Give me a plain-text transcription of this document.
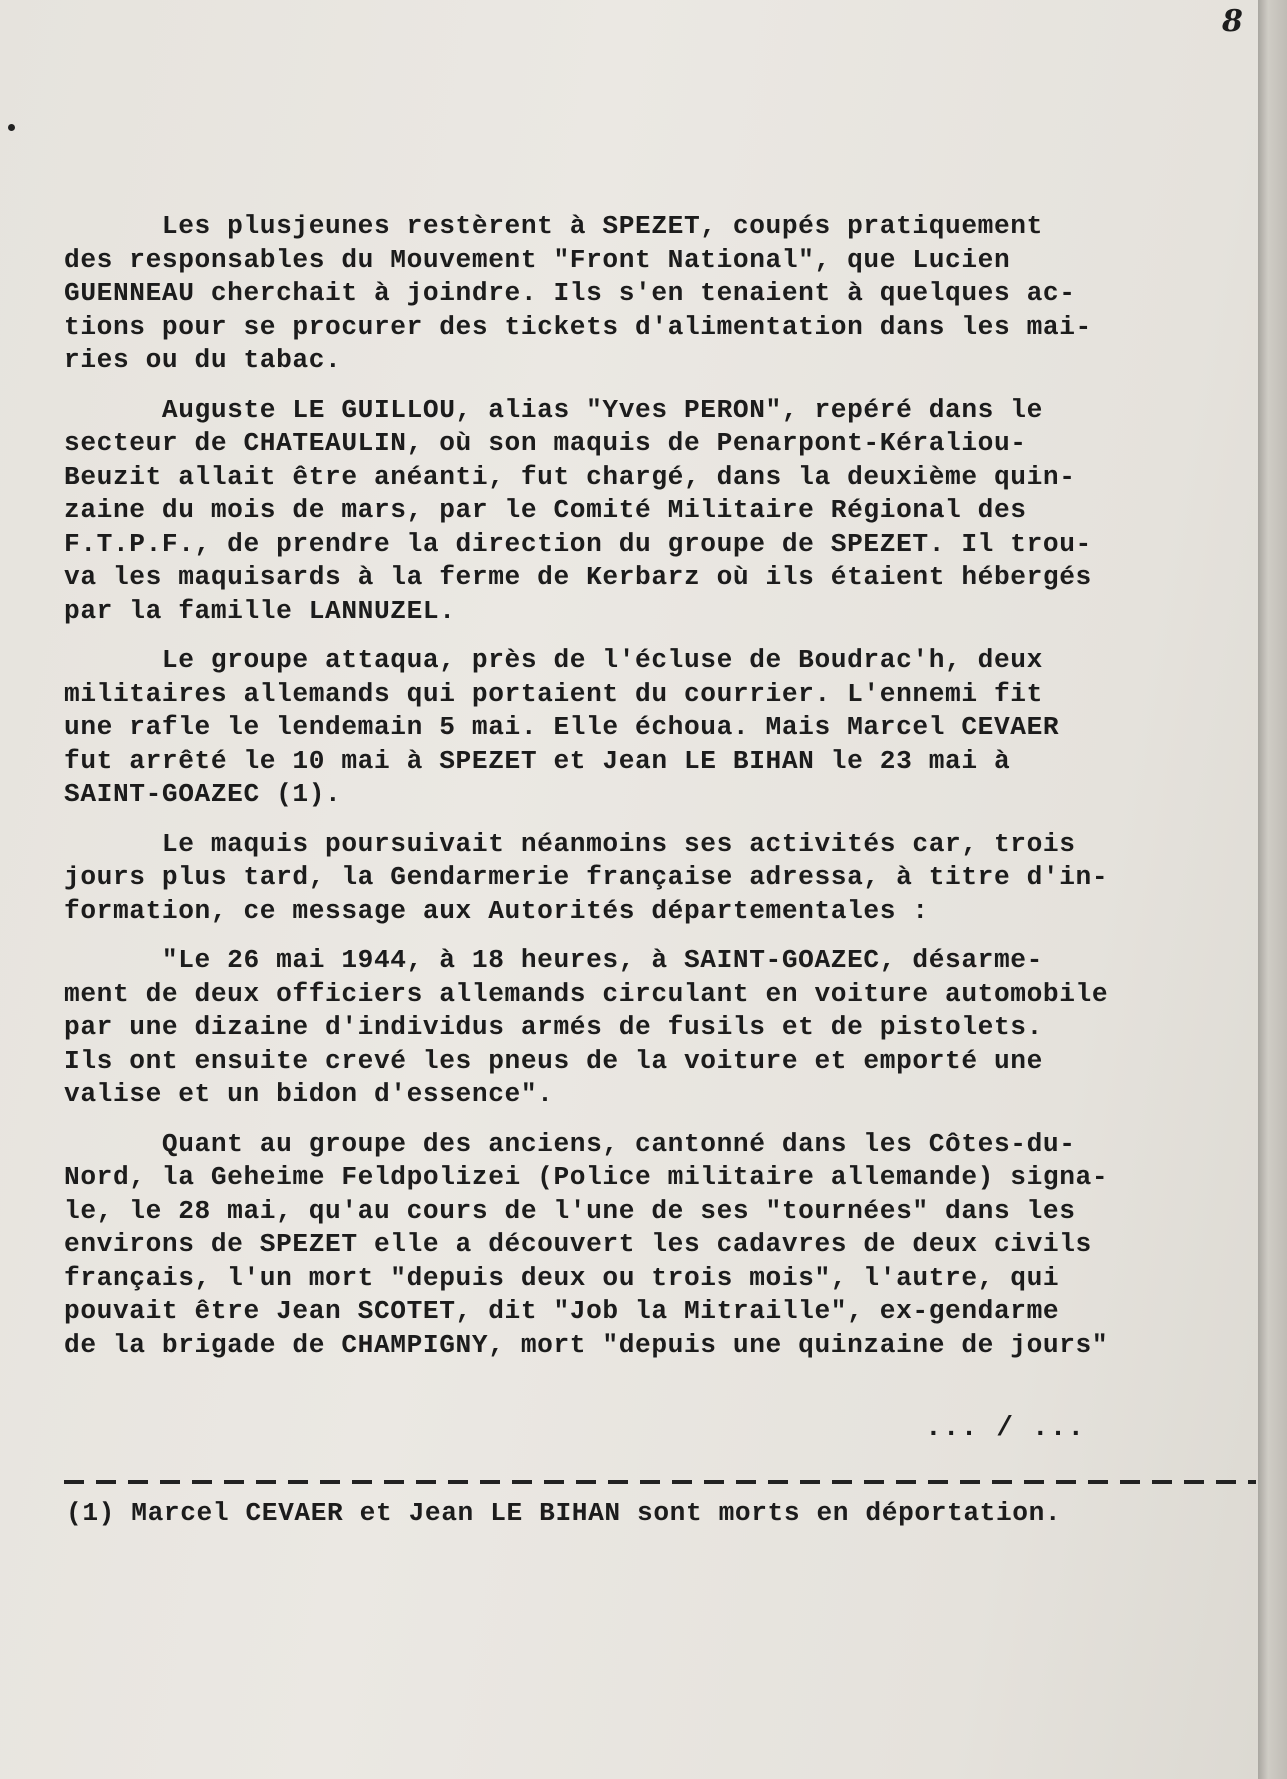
8
Les plusjeunes restèrent à SPEZET, coupés pratiquement
des responsables du Mouvement "Front National", que Lucien
GUENNEAU cherchait à joindre. Ils s'en tenaient à quelques ac-
tions pour se procurer des tickets d'alimentation dans les mai-
ries ou du tabac.
Auguste LE GUILLOU, alias "Yves PERON", repéré dans le
secteur de CHATEAULIN, où son maquis de Penarpont-Kéraliou-
Beuzit allait être anéanti, fut chargé, dans la deuxième quin-
zaine du mois de mars, par le Comité Militaire Régional des
F.T.P.F., de prendre la direction du groupe de SPEZET. Il trou-
va les maquisards à la ferme de Kerbarz où ils étaient hébergés
par la famille LANNUZEL.
Le groupe attaqua, près de l'écluse de Boudrac'h, deux
militaires allemands qui portaient du courrier. L'ennemi fit
une rafle le lendemain 5 mai. Elle échoua. Mais Marcel CEVAER
fut arrêté le 10 mai à SPEZET et Jean LE BIHAN le 23 mai à
SAINT-GOAZEC (1).
Le maquis poursuivait néanmoins ses activités car, trois
jours plus tard, la Gendarmerie française adressa, à titre d'in-
formation, ce message aux Autorités départementales :
"Le 26 mai 1944, à 18 heures, à SAINT-GOAZEC, désarme-
ment de deux officiers allemands circulant en voiture automobile
par une dizaine d'individus armés de fusils et de pistolets.
Ils ont ensuite crevé les pneus de la voiture et emporté une
valise et un bidon d'essence".
Quant au groupe des anciens, cantonné dans les Côtes-du-
Nord, la Geheime Feldpolizei (Police militaire allemande) signa-
le, le 28 mai, qu'au cours de l'une de ses "tournées" dans les
environs de SPEZET elle a découvert les cadavres de deux civils
français, l'un mort "depuis deux ou trois mois", l'autre, qui
pouvait être Jean SCOTET, dit "Job la Mitraille", ex-gendarme
de la brigade de CHAMPIGNY, mort "depuis une quinzaine de jours"
... / ...
(1) Marcel CEVAER et Jean LE BIHAN sont morts en déportation.
